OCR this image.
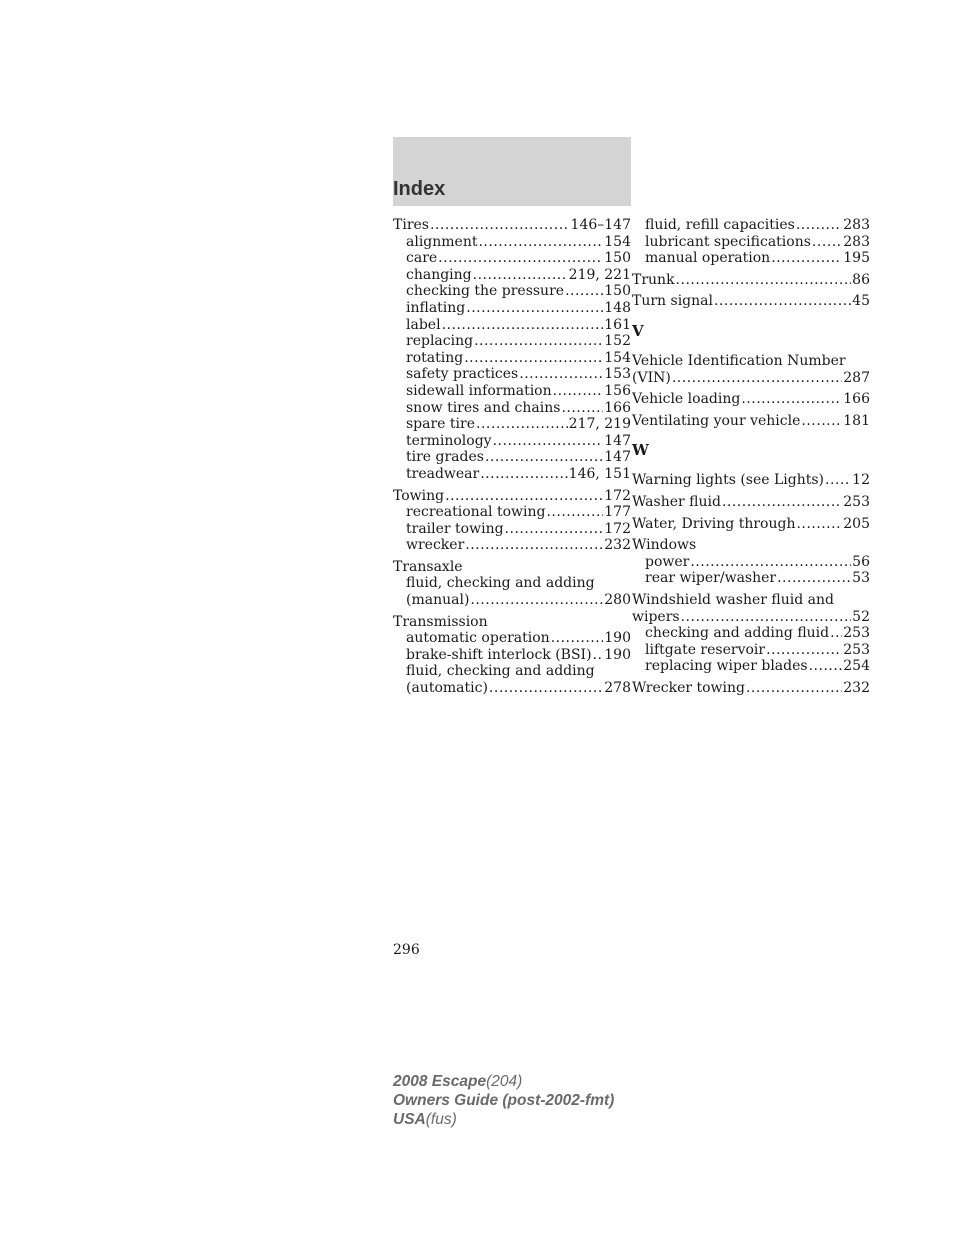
Index
Tires .....	146–147
alignment .....	154
care .....	150
changing .....	219, 221
checking the pressure .....	150
inflating .....	148
label .....	161
replacing .....	152
rotating .....	154
safety practices .....	153
sidewall information .....	156
snow tires and chains .....	166
spare tire .....	217, 219
terminology .....	147
tire grades .....	147
treadwear .....	146, 151
Towing .....	172
recreational towing .....	177
trailer towing .....	172
wrecker .....	232
Transaxle
fluid, checking and adding
(manual) .....	280
Transmission
automatic operation .....	190
brake-shift interlock (BSI) ..... 190
fluid, checking and adding
(automatic) .....	278
fluid, refill capacities .....	283
lubricant specifications ..... 283
manual operation .....	195
Trunk .....	86
Turn signal .....	45
V
Vehicle Identification Number
(VIN) .....	287
Vehicle loading .....	166
Ventilating your vehicle .....	181
W
Warning lights (see Lights) ..... 12
Washer fluid .....	253
Water, Driving through .....	205
Windows
power .....	56
rear wiper/washer .....	53
Windshield washer fluid and
wipers .....	52
checking and adding fluid ..... 253
liftgate reservoir .....	253
replacing wiper blades .....	254
Wrecker towing .....	232
296
2008 Escape(204)
Owners Guide (post-2002-fmt)
USA(fus)
